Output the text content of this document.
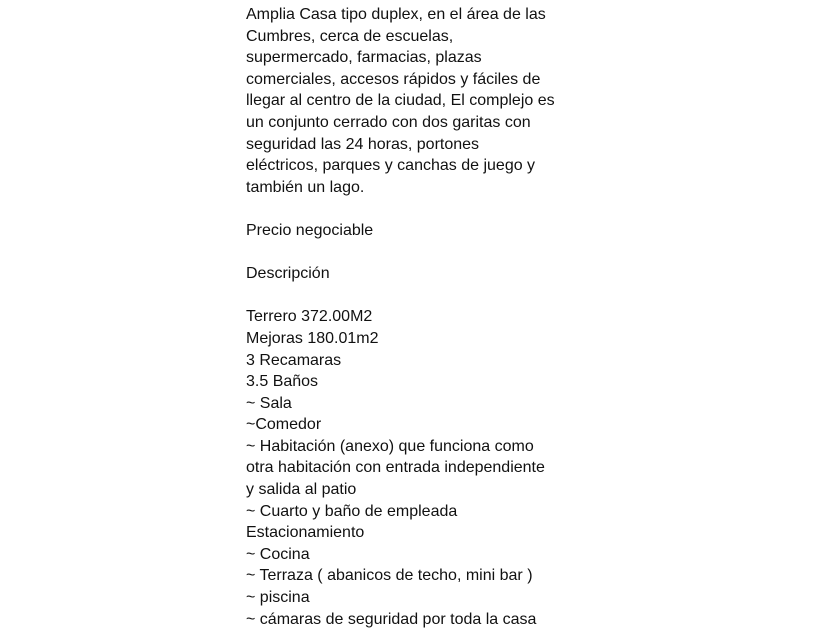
Amplia Casa tipo duplex, en el área de las
Cumbres, cerca de escuelas,
supermercado, farmacias, plazas
comerciales, accesos rápidos y fáciles de
llegar al centro de la ciudad, El complejo es
un conjunto cerrado con dos garitas con
seguridad las 24 horas, portones
eléctricos, parques y canchas de juego y
también un lago.
Precio negociable
Descripción
Terrero 372.00M2
Mejoras 180.01m2
3 Recamaras
3.5 Baños
~ Sala
~Comedor
~ Habitación (anexo) que funciona como
otra habitación con entrada independiente
y salida al patio
~ Cuarto y baño de empleada
Estacionamiento
~ Cocina
~ Terraza ( abanicos de techo, mini bar )
~ piscina
~ cámaras de seguridad por toda la casa
